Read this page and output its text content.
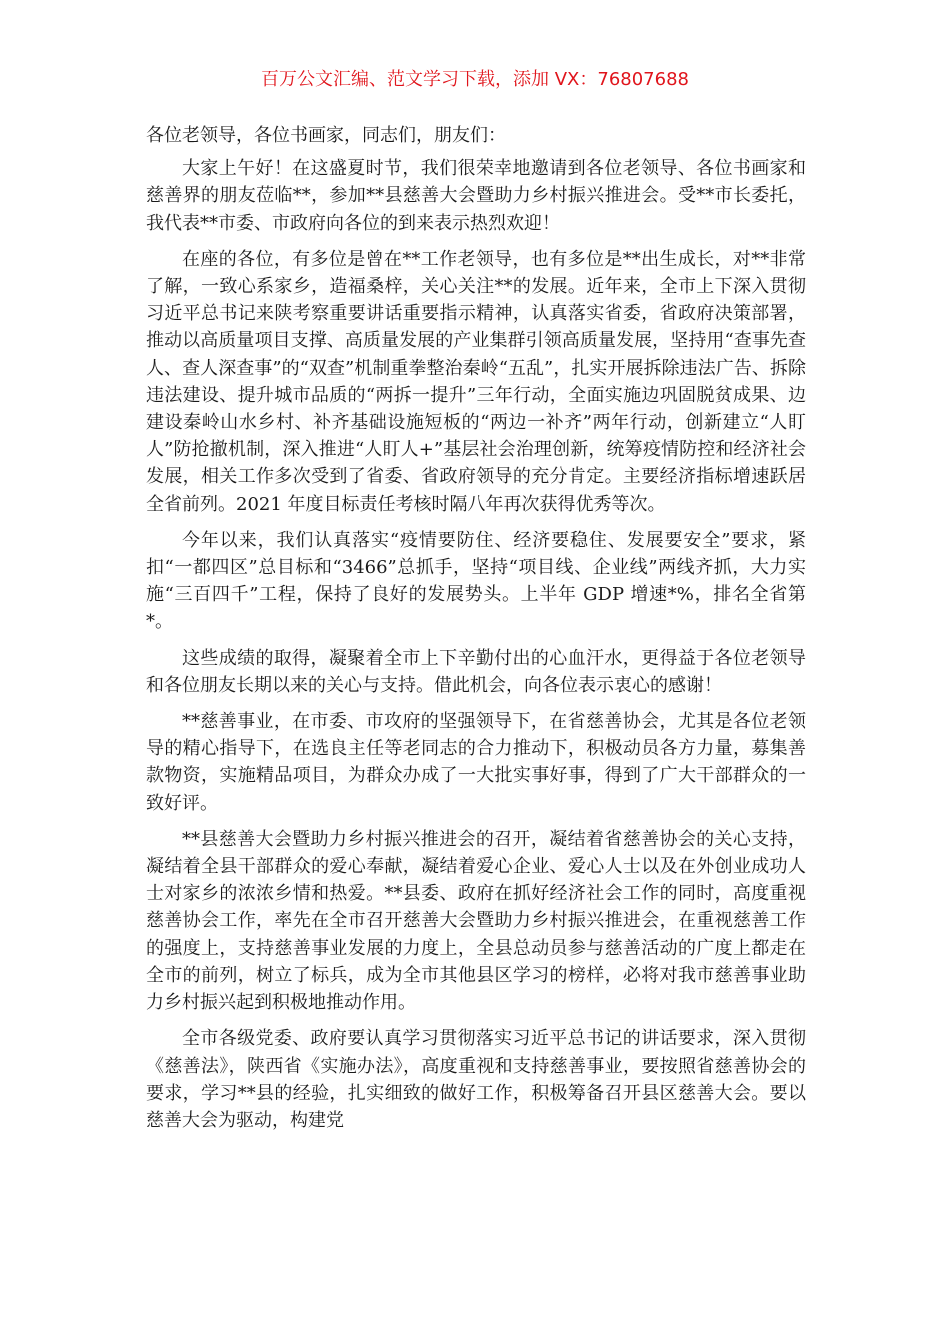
百万公文汇编、范文学习下载，添加 VX：76807688

各位老领导，各位书画家，同志们，朋友们：

大家上午好！在这盛夏时节，我们很荣幸地邀请到各位老领导、各位书画家和慈善界的朋友莅临**，参加**县慈善大会暨助力乡村振兴推进会。受**市长委托，我代表**市委、市政府向各位的到来表示热烈欢迎！

在座的各位，有多位是曾在**工作老领导，也有多位是**出生成长，对**非常了解，一致心系家乡，造福桑梓，关心关注**的发展。近年来，全市上下深入贯彻习近平总书记来陕考察重要讲话重要指示精神，认真落实省委，省政府决策部署，推动以高质量项目支撑、高质量发展的产业集群引领高质量发展，坚持用“查事先查人、查人深查事”的“双查”机制重拳整治秦岭“五乱”，扎实开展拆除违法广告、拆除违法建设、提升城市品质的“两拆一提升”三年行动，全面实施边巩固脱贫成果、边建设秦岭山水乡村、补齐基础设施短板的“两边一补齐”两年行动，创新建立“人盯人”防抢撤机制，深入推进“人盯人+”基层社会治理创新，统筹疫情防控和经济社会发展，相关工作多次受到了省委、省政府领导的充分肯定。主要经济指标增速跃居全省前列。2021 年度目标责任考核时隔八年再次获得优秀等次。

今年以来，我们认真落实“疫情要防住、经济要稳住、发展要安全”要求，紧扣“一都四区”总目标和“3466”总抓手，坚持“项目线、企业线”两线齐抓，大力实施“三百四千”工程，保持了良好的发展势头。上半年 GDP 增速*%，排名全省第*。

这些成绩的取得，凝聚着全市上下辛勤付出的心血汗水，更得益于各位老领导和各位朋友长期以来的关心与支持。借此机会，向各位表示衷心的感谢！

**慈善事业，在市委、市攻府的坚强领导下，在省慈善协会，尤其是各位老领导的精心指导下，在选良主任等老同志的合力推动下，积极动员各方力量，募集善款物资，实施精品项目，为群众办成了一大批实事好事，得到了广大干部群众的一致好评。

**县慈善大会暨助力乡村振兴推进会的召开，凝结着省慈善协会的关心支持，凝结着全县干部群众的爱心奉献，凝结着爱心企业、爱心人士以及在外创业成功人士对家乡的浓浓乡情和热爱。**县委、政府在抓好经济社会工作的同时，高度重视慈善协会工作，率先在全市召开慈善大会暨助力乡村振兴推进会，在重视慈善工作的强度上，支持慈善事业发展的力度上，全县总动员参与慈善活动的广度上都走在全市的前列，树立了标兵，成为全市其他县区学习的榜样，必将对我市慈善事业助力乡村振兴起到积极地推动作用。

全市各级党委、政府要认真学习贯彻落实习近平总书记的讲话要求，深入贯彻《慈善法》，陕西省《实施办法》，高度重视和支持慈善事业，要按照省慈善协会的要求，学习**县的经验，扎实细致的做好工作，积极筹备召开县区慈善大会。要以慈善大会为驱动，构建党
